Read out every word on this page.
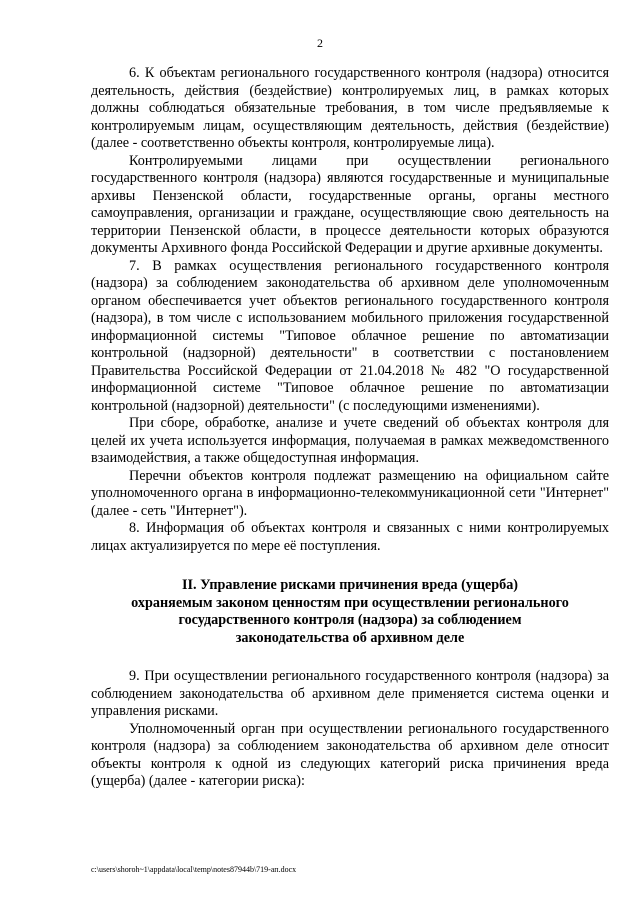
2

6. К объектам регионального государственного контроля (надзора) относится деятельность, действия (бездействие) контролируемых лиц, в рамках которых должны соблюдаться обязательные требования, в том числе предъявляемые к контролируемым лицам, осуществляющим деятельность, действия (бездействие) (далее - соответственно объекты контроля, контролируемые лица).

Контролируемыми лицами при осуществлении регионального государственного контроля (надзора) являются государственные и муниципальные архивы Пензенской области, государственные органы, органы местного самоуправления, организации и граждане, осуществляющие свою деятельность на территории Пензенской области, в процессе деятельности которых образуются документы Архивного фонда Российской Федерации и другие архивные документы.

7. В рамках осуществления регионального государственного контроля (надзора) за соблюдением законодательства об архивном деле уполномоченным органом обеспечивается учет объектов регионального государственного контроля (надзора), в том числе с использованием мобильного приложения государственной информационной системы "Типовое облачное решение по автоматизации контрольной (надзорной) деятельности" в соответствии с постановлением Правительства Российской Федерации от 21.04.2018 № 482 "О государственной информационной системе "Типовое облачное решение по автоматизации контрольной (надзорной) деятельности" (с последующими изменениями).

При сборе, обработке, анализе и учете сведений об объектах контроля для целей их учета используется информация, получаемая в рамках межведомственного взаимодействия, а также общедоступная информация.

Перечни объектов контроля подлежат размещению на официальном сайте уполномоченного органа в информационно-телекоммуникационной сети "Интернет" (далее - сеть "Интернет").

8. Информация об объектах контроля и связанных с ними контролируемых лицах актуализируется по мере её поступления.

II. Управление рисками причинения вреда (ущерба)
охраняемым законом ценностям при осуществлении регионального
государственного контроля (надзора) за соблюдением
законодательства об архивном деле

9. При осуществлении регионального государственного контроля (надзора) за соблюдением законодательства об архивном деле применяется система оценки и управления рисками.

Уполномоченный орган при осуществлении регионального государственного контроля (надзора) за соблюдением законодательства об архивном деле относит объекты контроля к одной из следующих категорий риска причинения вреда (ущерба) (далее - категории риска):

c:\users\shoroh~1\appdata\local\temp\notes87944b\719-ап.docx
